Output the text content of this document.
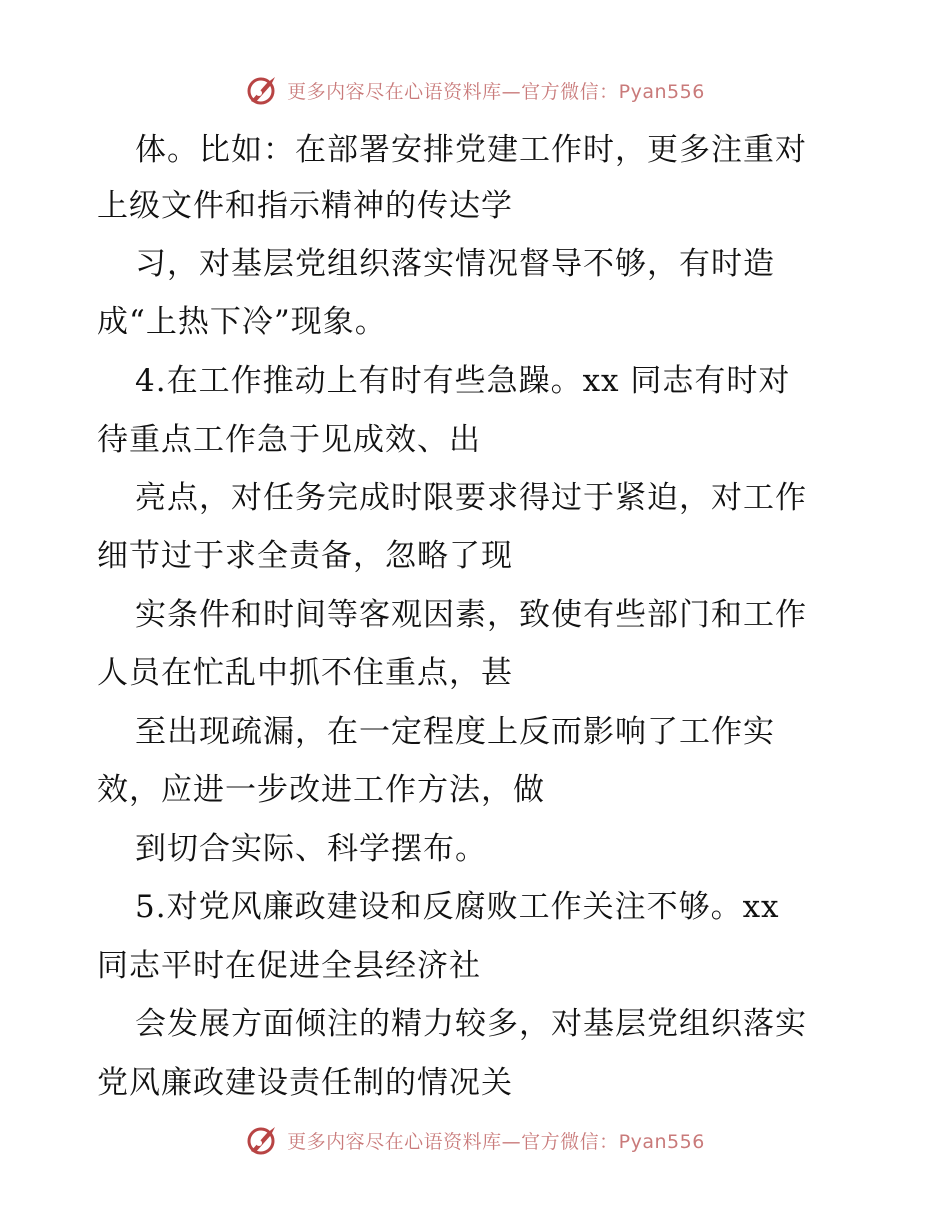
更多内容尽在心语资料库—官方微信：Pyan556
体。比如：在部署安排党建工作时，更多注重对
上级文件和指示精神的传达学
习，对基层党组织落实情况督导不够，有时造
成“上热下冷”现象。
4.在工作推动上有时有些急躁。xx 同志有时对
待重点工作急于见成效、出
亮点，对任务完成时限要求得过于紧迫，对工作
细节过于求全责备，忽略了现
实条件和时间等客观因素，致使有些部门和工作
人员在忙乱中抓不住重点，甚
至出现疏漏，在一定程度上反而影响了工作实
效，应进一步改进工作方法，做
到切合实际、科学摆布。
5.对党风廉政建设和反腐败工作关注不够。xx
同志平时在促进全县经济社
会发展方面倾注的精力较多，对基层党组织落实
党风廉政建设责任制的情况关
更多内容尽在心语资料库—官方微信：Pyan556
